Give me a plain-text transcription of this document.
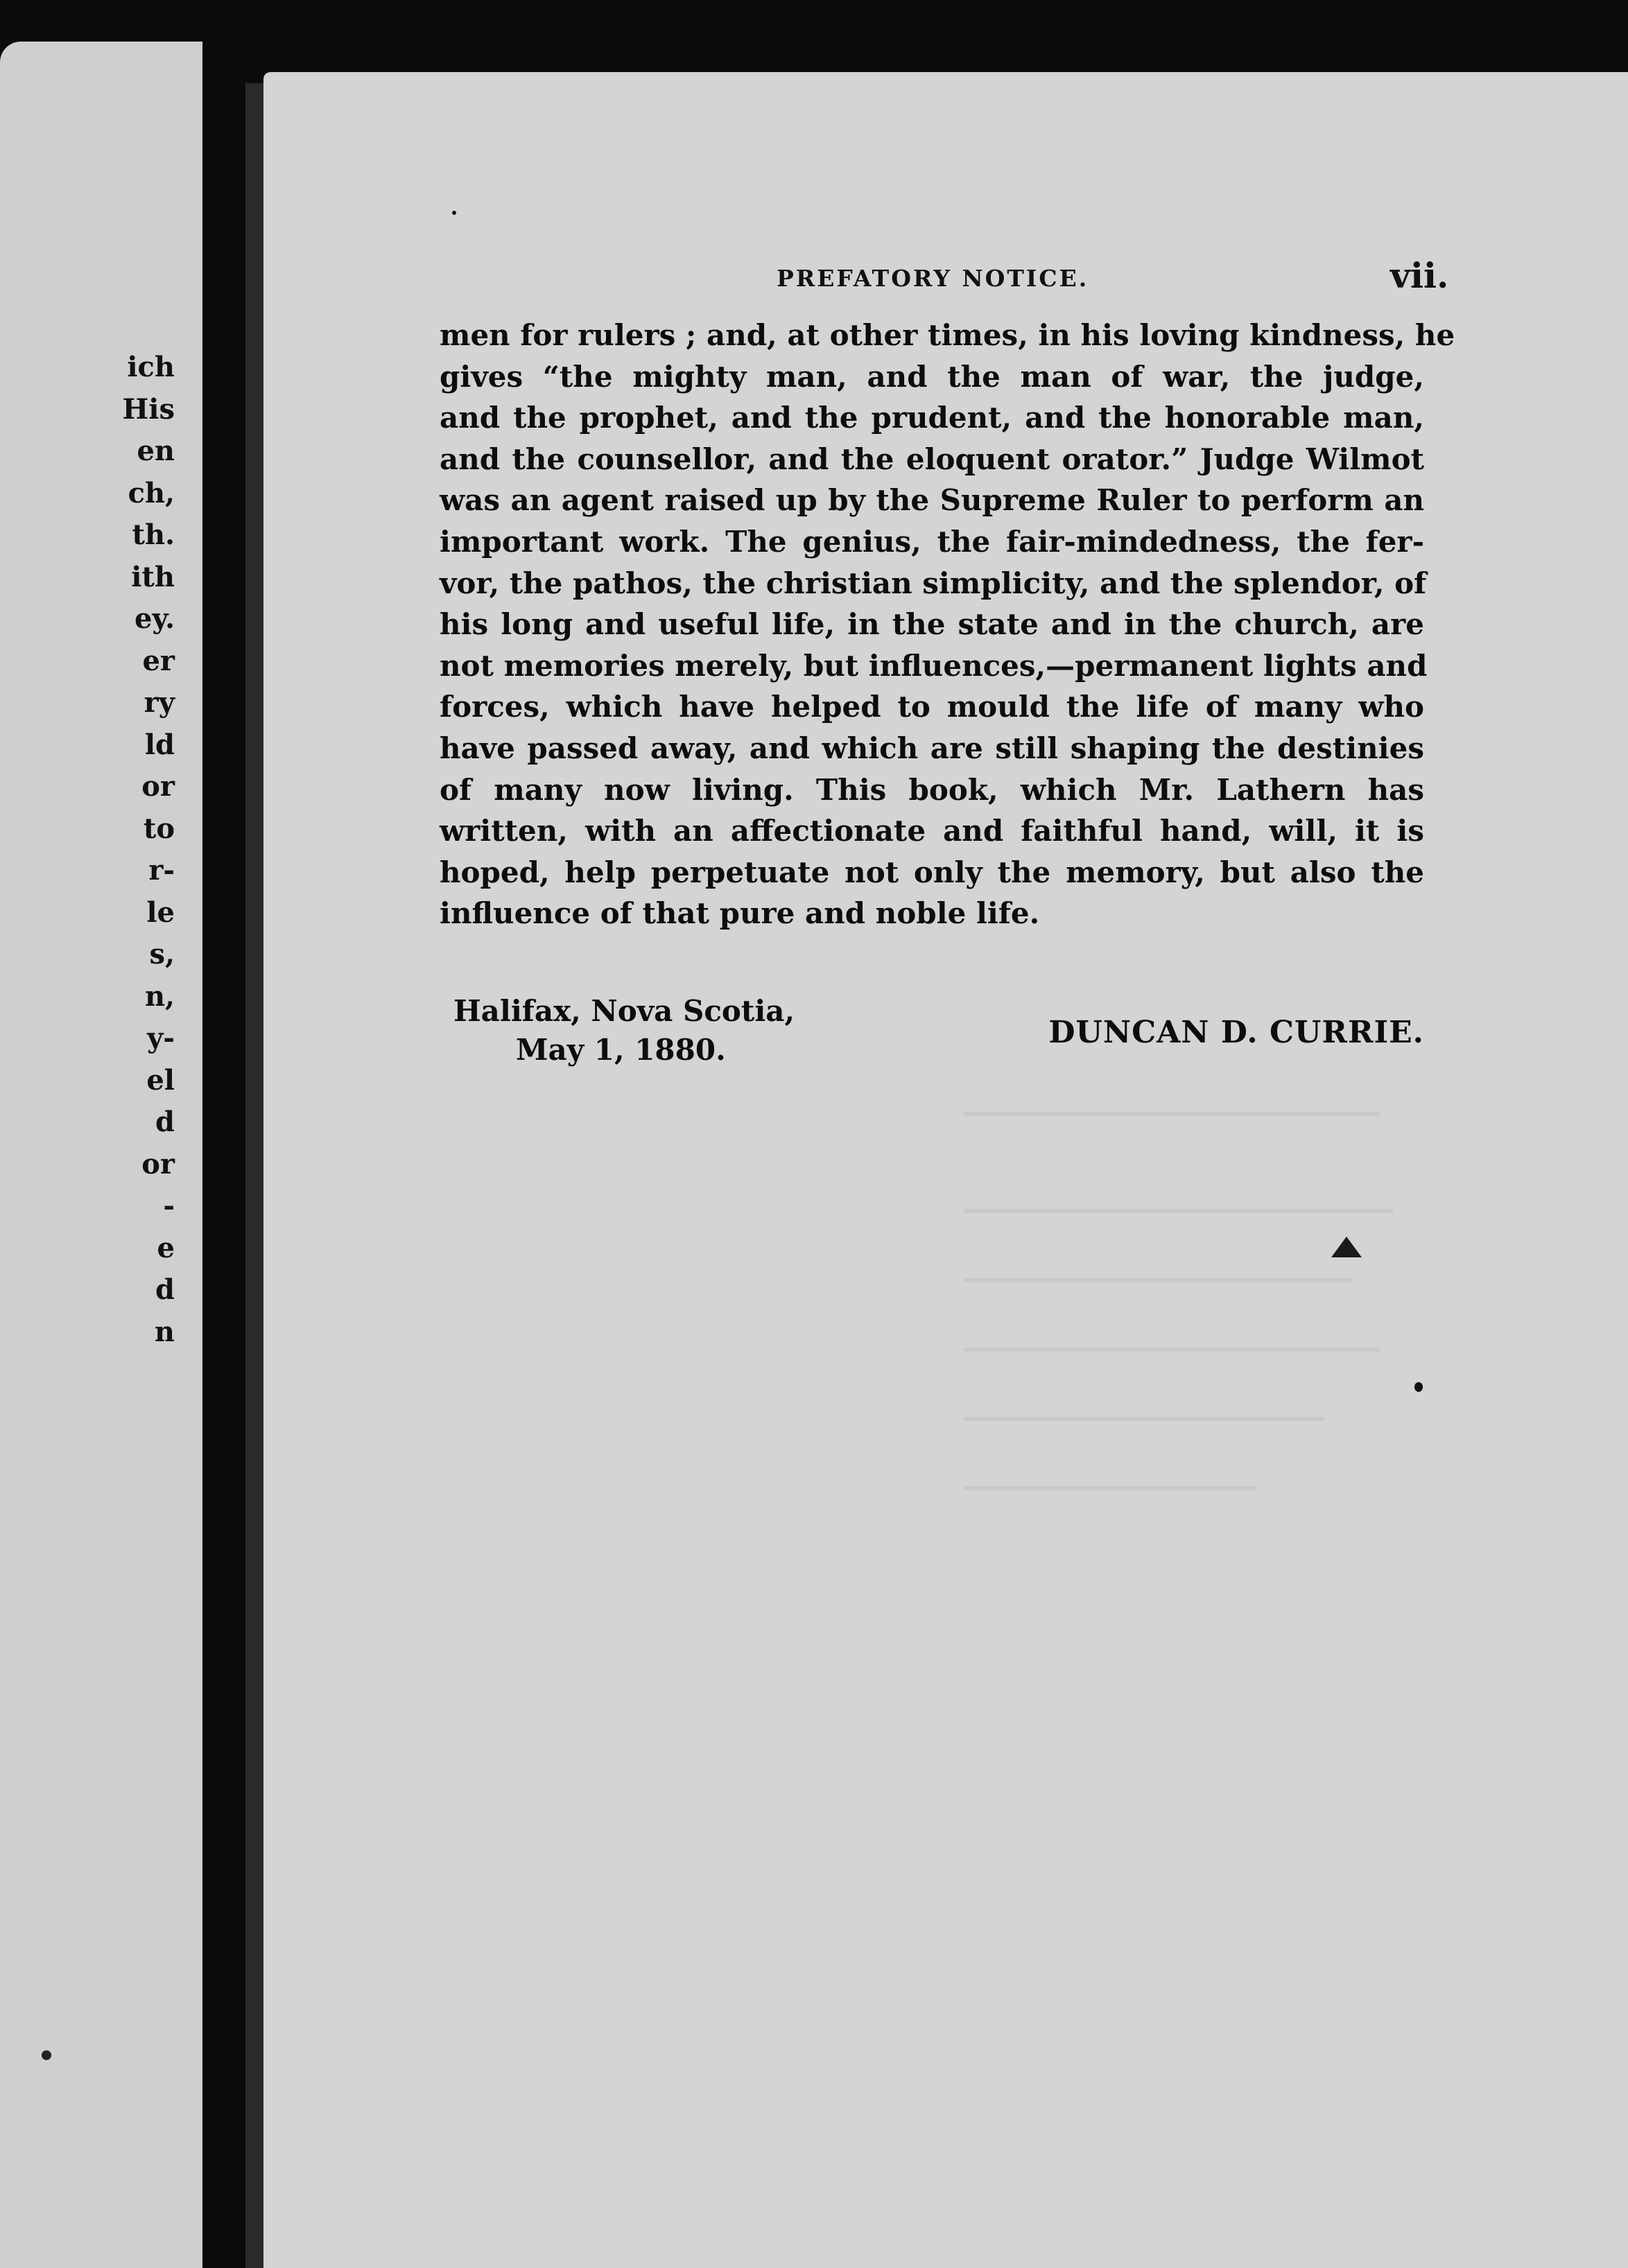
ich
His
en
ch,
th.
ith
ey.
er
ry
ld
or
to
r-
le
s,
n,
y-
el
d
or
-
e
d
n
PREFATORY NOTICE.	vii.
men for rulers ; and, at other times, in his loving kindness, he
gives “the mighty man, and the man of war, the judge,
and the prophet, and the prudent, and the honorable man,
and the counsellor, and the eloquent orator.” Judge Wilmot
was an agent raised up by the Supreme Ruler to perform an
important work. The genius, the fair-mindedness, the fer-
vor, the pathos, the christian simplicity, and the splendor, of
his long and useful life, in the state and in the church, are
not memories merely, but influences,—permanent lights and
forces, which have helped to mould the life of many who
have passed away, and which are still shaping the destinies
of many now living. This book, which Mr. Lathern has
written, with an affectionate and faithful hand, will, it is
hoped, help perpetuate not only the memory, but also the
influence of that pure and noble life.
Halifax, Nova Scotia,
May 1, 1880.	DUNCAN D. CURRIE.
